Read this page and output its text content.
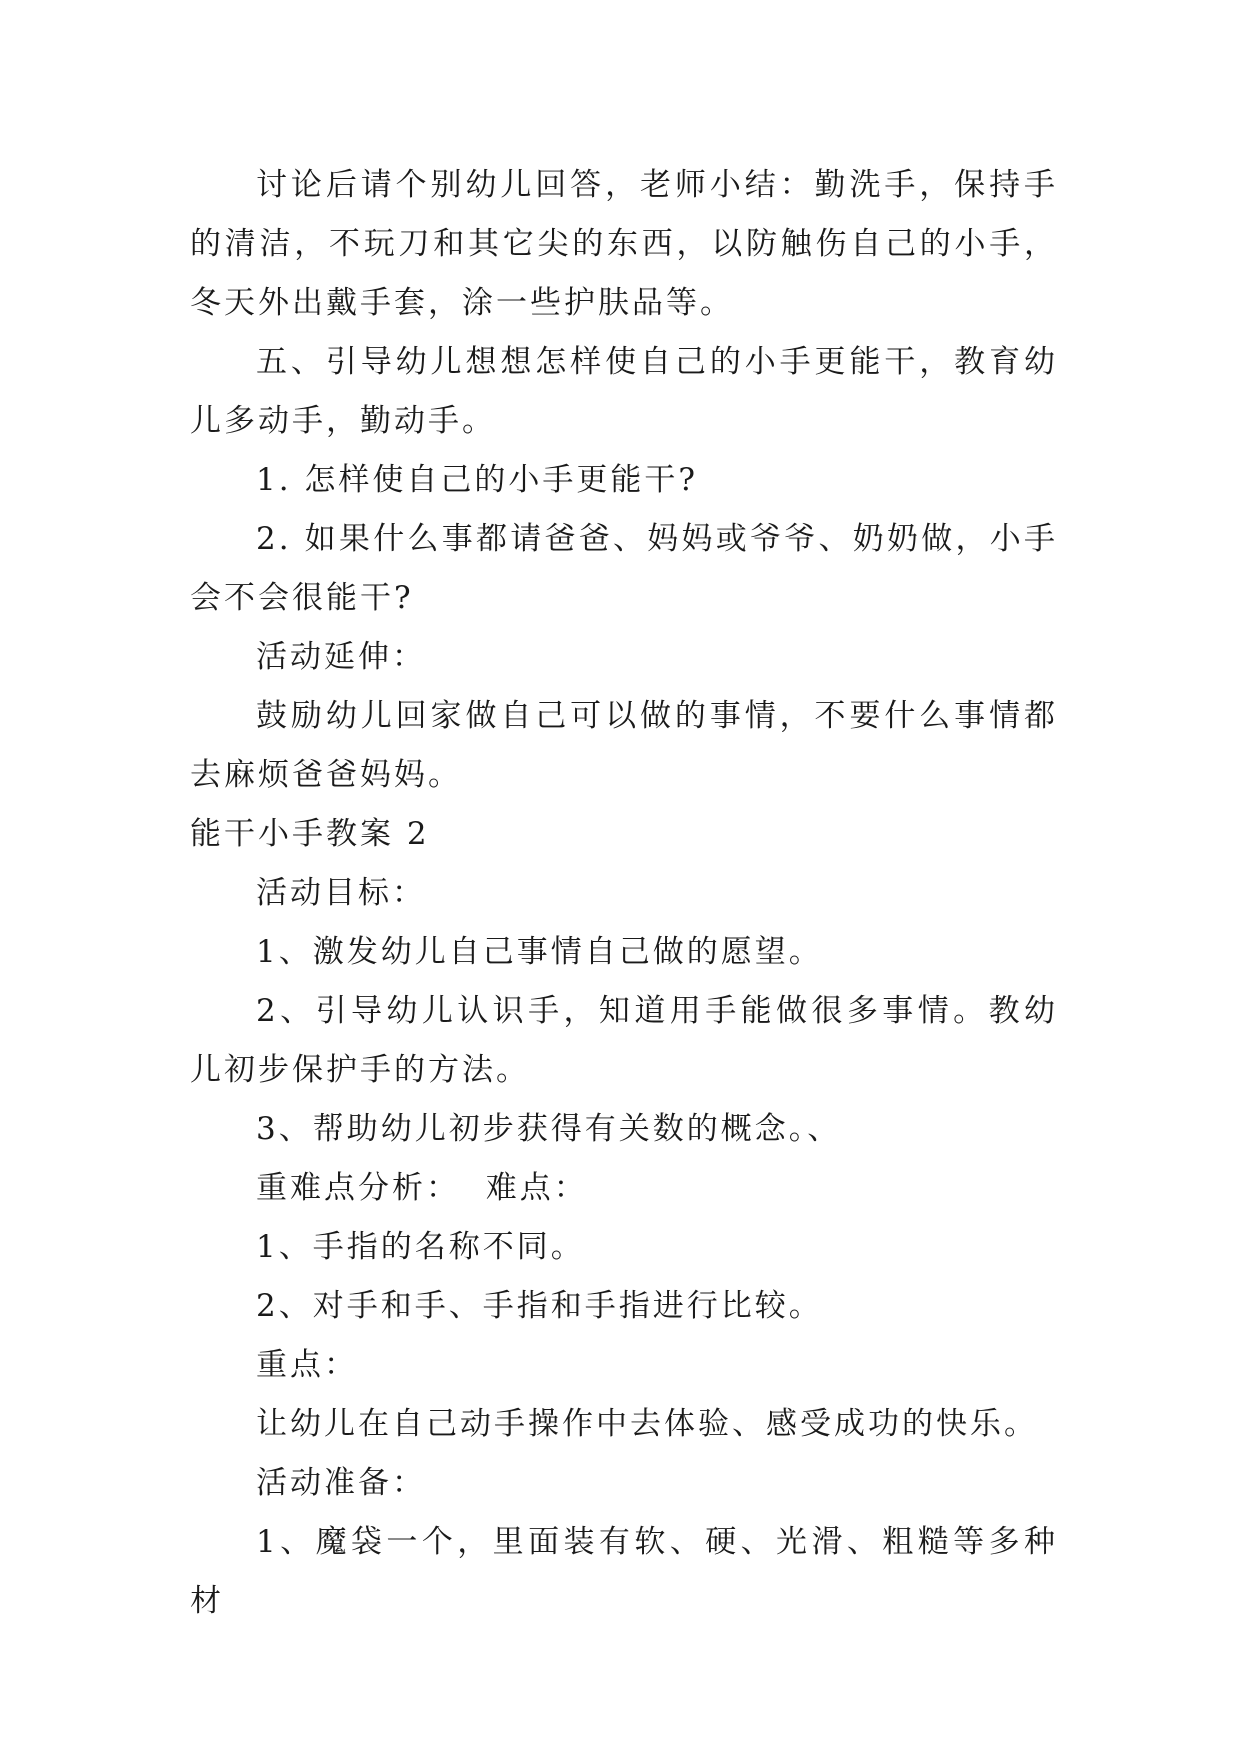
讨论后请个别幼儿回答，老师小结：勤洗手，保持手的清洁，不玩刀和其它尖的东西，以防触伤自己的小手，冬天外出戴手套，涂一些护肤品等。

五、引导幼儿想想怎样使自己的小手更能干，教育幼儿多动手，勤动手。

1. 怎样使自己的小手更能干?

2. 如果什么事都请爸爸、妈妈或爷爷、奶奶做，小手会不会很能干?

活动延伸：

鼓励幼儿回家做自己可以做的事情，不要什么事情都去麻烦爸爸妈妈。

能干小手教案 2

活动目标：

1、激发幼儿自己事情自己做的愿望。

2、引导幼儿认识手，知道用手能做很多事情。教幼儿初步保护手的方法。

3、帮助幼儿初步获得有关数的概念。、

重难点分析：  难点：

1、手指的名称不同。

2、对手和手、手指和手指进行比较。

重点：

让幼儿在自己动手操作中去体验、感受成功的快乐。

活动准备：

1、魔袋一个，里面装有软、硬、光滑、粗糙等多种材
